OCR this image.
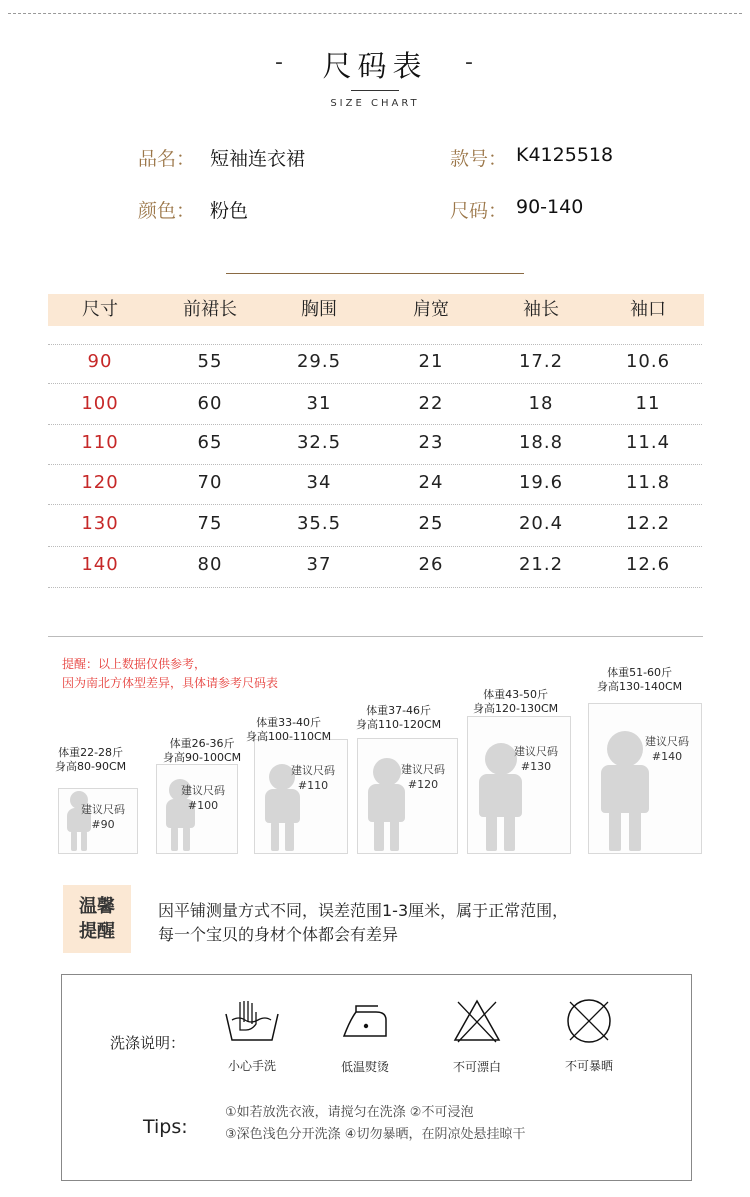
-	尺码表	-
SIZE CHART
品名： 短袖连衣裙	款号： K4125518
颜色： 粉色	尺码： 90-140
尺寸	前裙长	胸围	肩宽	袖长	袖口
90	55	29.5	21	17.2	10.6
100	60	31	22	18	11
110	65	32.5	23	18.8	11.4
120	70	34	24	19.6	11.8
130	75	35.5	25	20.4	12.2
140	80	37	26	21.2	12.6
提醒：以上数据仅供参考，
因为南北方体型差异，具体请参考尺码表
建议尺码
#90
体重22-28斤
身高80-90CM
建议尺码
#100
体重26-36斤
身高90-100CM
建议尺码
#110
体重33-40斤
身高100-110CM
建议尺码
#120
体重37-46斤
身高110-120CM
建议尺码
#130
体重43-50斤
身高120-130CM
建议尺码
#140
体重51-60斤
身高130-140CM
温馨
提醒
因平铺测量方式不同，误差范围1-3厘米，属于正常范围，
每一个宝贝的身材个体都会有差异
洗涤说明：
小心手洗	低温熨烫	不可漂白	不可暴晒
Tips:
①如若放洗衣液，请搅匀在洗涤 ②不可浸泡
③深色浅色分开洗涤 ④切勿暴晒，在阴凉处悬挂晾干
